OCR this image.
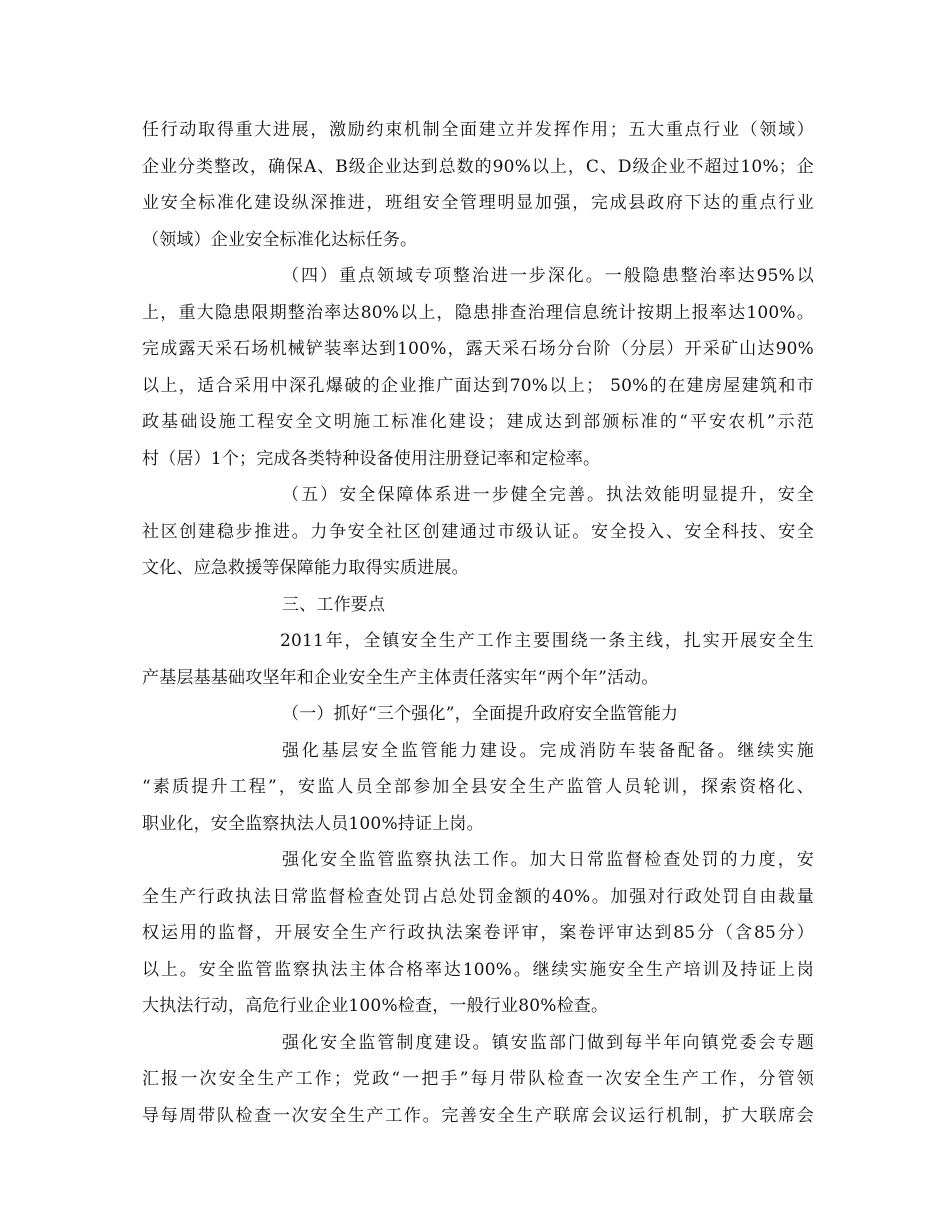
任行动取得重大进展，激励约束机制全面建立并发挥作用；五大重点行业（领域）
企业分类整改，确保A、B级企业达到总数的90%以上，C、D级企业不超过10%；企
业安全标准化建设纵深推进，班组安全管理明显加强，完成县政府下达的重点行业
（领域）企业安全标准化达标任务。
（四）重点领域专项整治进一步深化。一般隐患整治率达95%以
上，重大隐患限期整治率达80%以上，隐患排查治理信息统计按期上报率达100%。
完成露天采石场机械铲装率达到100%，露天采石场分台阶（分层）开采矿山达90%
以上，适合采用中深孔爆破的企业推广面达到70%以上； 50%的在建房屋建筑和市
政基础设施工程安全文明施工标准化建设；建成达到部颁标准的“平安农机”示范
村（居）1个；完成各类特种设备使用注册登记率和定检率。
（五）安全保障体系进一步健全完善。执法效能明显提升，安全
社区创建稳步推进。力争安全社区创建通过市级认证。安全投入、安全科技、安全
文化、应急救援等保障能力取得实质进展。
三、工作要点
2011年，全镇安全生产工作主要围绕一条主线，扎实开展安全生
产基层基基础攻坚年和企业安全生产主体责任落实年“两个年”活动。
（一）抓好“三个强化”，全面提升政府安全监管能力
强化基层安全监管能力建设。完成消防车装备配备。继续实施
“素质提升工程”，安监人员全部参加全县安全生产监管人员轮训，探索资格化、
职业化，安全监察执法人员100%持证上岗。
强化安全监管监察执法工作。加大日常监督检查处罚的力度，安
全生产行政执法日常监督检查处罚占总处罚金额的40%。加强对行政处罚自由裁量
权运用的监督，开展安全生产行政执法案卷评审，案卷评审达到85分（含85分）
以上。安全监管监察执法主体合格率达100%。继续实施安全生产培训及持证上岗
大执法行动，高危行业企业100%检查，一般行业80%检查。
强化安全监管制度建设。镇安监部门做到每半年向镇党委会专题
汇报一次安全生产工作；党政“一把手”每月带队检查一次安全生产工作，分管领
导每周带队检查一次安全生产工作。完善安全生产联席会议运行机制，扩大联席会
